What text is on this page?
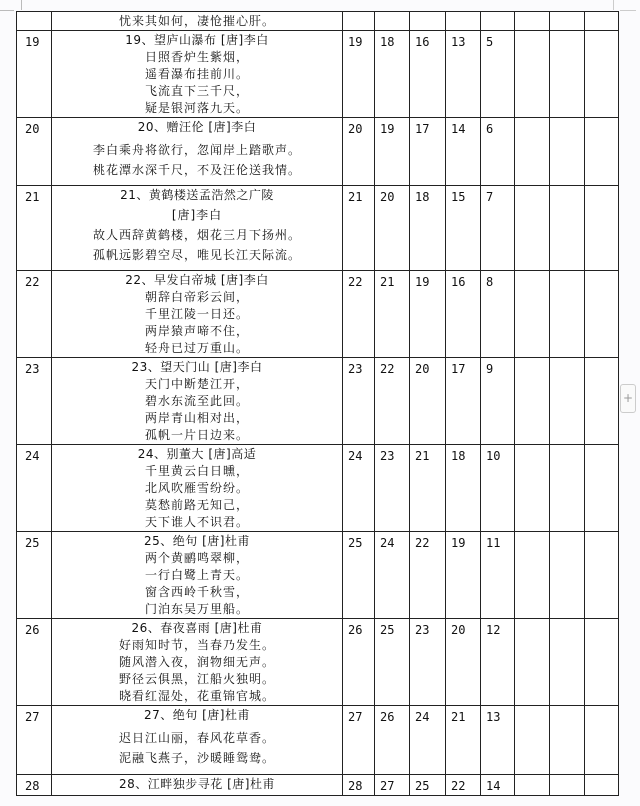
	忧来其如何，凄怆摧心肝。								

19	19、望庐山瀑布 [唐]李白
日照香炉生紫烟，
遥看瀑布挂前川。
飞流直下三千尺，
疑是银河落九天。	19	18	16	13	5			
20	20、赠汪伦 [唐]李白
李白乘舟将欲行，忽闻岸上踏歌声。
桃花潭水深千尺，不及汪伦送我情。	20	19	17	14	6			
21	21、黄鹤楼送孟浩然之广陵
[唐]李白
故人西辞黄鹤楼，烟花三月下扬州。
孤帆远影碧空尽，唯见长江天际流。	21	20	18	15	7			
22	22、早发白帝城 [唐]李白
朝辞白帝彩云间，
千里江陵一日还。
两岸猿声啼不住，
轻舟已过万重山。	22	21	19	16	8			
23	23、望天门山 [唐]李白
天门中断楚江开，
碧水东流至此回。
两岸青山相对出，
孤帆一片日边来。	23	22	20	17	9			
24	24、别董大 [唐]高适
千里黄云白日曛，
北风吹雁雪纷纷。
莫愁前路无知己，
天下谁人不识君。	24	23	21	18	10			
25	25、绝句 [唐]杜甫
两个黄鹂鸣翠柳，
一行白鹭上青天。
窗含西岭千秋雪，
门泊东吴万里船。	25	24	22	19	11			
26	26、春夜喜雨 [唐]杜甫
好雨知时节，当春乃发生。
随风潜入夜，润物细无声。
野径云俱黑，江船火独明。
晓看红湿处，花重锦官城。	26	25	23	20	12			
27	27、绝句 [唐]杜甫
迟日江山丽，春风花草香。
泥融飞燕子，沙暖睡鸳鸯。	27	26	24	21	13			
28	28、江畔独步寻花 [唐]杜甫	28	27	25	22	14			
+
